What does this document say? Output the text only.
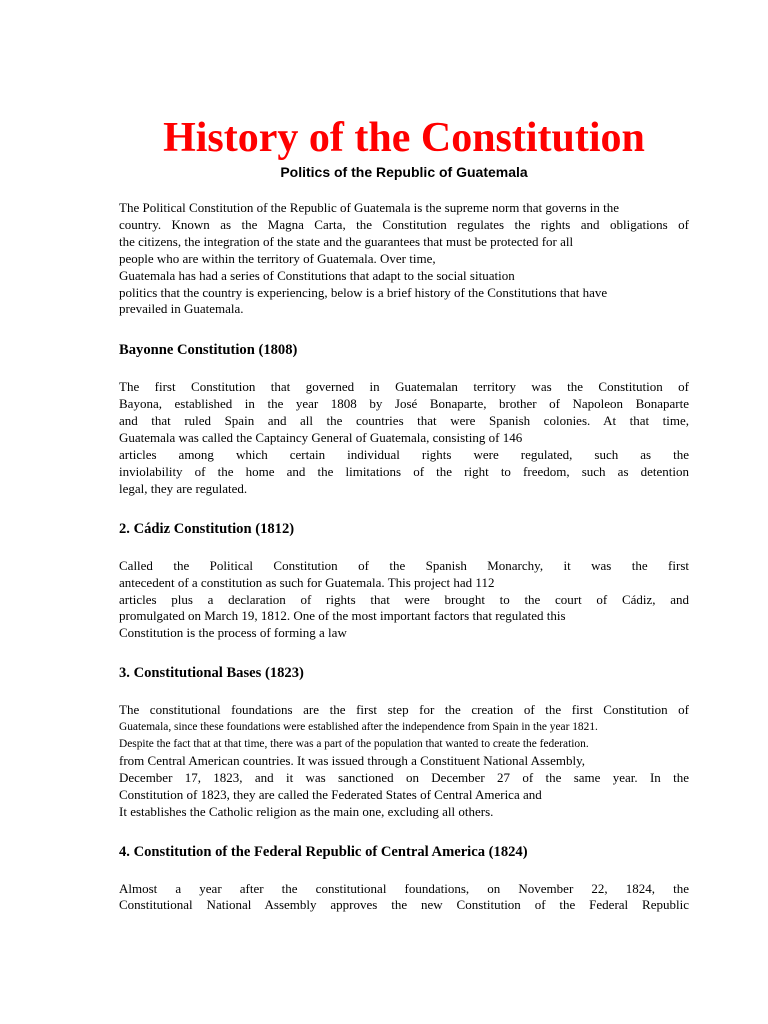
History of the Constitution
Politics of the Republic of Guatemala

The Political Constitution of the Republic of Guatemala is the supreme norm that governs in the
country. Known as the Magna Carta, the Constitution regulates the rights and obligations of
the citizens, the integration of the state and the guarantees that must be protected for all
people who are within the territory of Guatemala. Over time,
Guatemala has had a series of Constitutions that adapt to the social situation
politics that the country is experiencing, below is a brief history of the Constitutions that have
prevailed in Guatemala.

Bayonne Constitution (1808)

The first Constitution that governed in Guatemalan territory was the Constitution of
Bayona, established in the year 1808 by José Bonaparte, brother of Napoleon Bonaparte
and that ruled Spain and all the countries that were Spanish colonies. At that time,
Guatemala was called the Captaincy General of Guatemala, consisting of 146
articles among which certain individual rights were regulated, such as the
inviolability of the home and the limitations of the right to freedom, such as detention
legal, they are regulated.

2. Cádiz Constitution (1812)

Called the Political Constitution of the Spanish Monarchy, it was the first
antecedent of a constitution as such for Guatemala. This project had 112
articles plus a declaration of rights that were brought to the court of Cádiz, and
promulgated on March 19, 1812. One of the most important factors that regulated this
Constitution is the process of forming a law

3. Constitutional Bases (1823)

The constitutional foundations are the first step for the creation of the first Constitution of
Guatemala, since these foundations were established after the independence from Spain in the year 1821.
Despite the fact that at that time, there was a part of the population that wanted to create the federation.
from Central American countries. It was issued through a Constituent National Assembly,
December 17, 1823, and it was sanctioned on December 27 of the same year. In the
Constitution of 1823, they are called the Federated States of Central America and
It establishes the Catholic religion as the main one, excluding all others.

4. Constitution of the Federal Republic of Central America (1824)

Almost a year after the constitutional foundations, on November 22, 1824, the
Constitutional National Assembly approves the new Constitution of the Federal Republic
